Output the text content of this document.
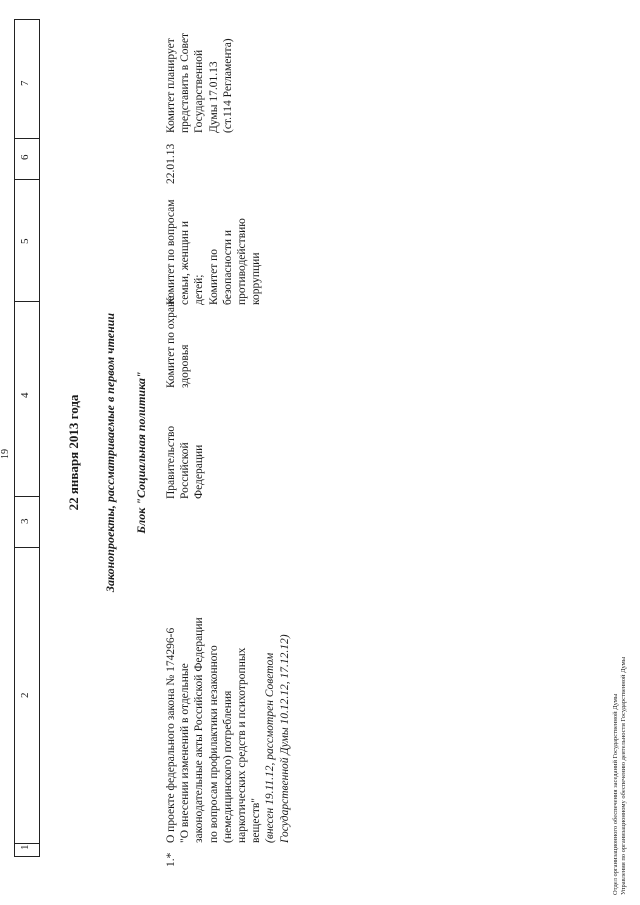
19
1
2
3
4
5
6
7
22 января 2013 года Законопроекты, рассматриваемые в первом чтении Блок "Социальная политика"
1.*
О проекте федерального закона № 174296-6 "О внесении изменений в отдельные законодательные акты Российской Федерации по вопросам профилактики незаконного (немедицинского) потребления наркотических средств и психотропных веществ" (внесен 19.11.12, рассмотрен Советом Государственной Думы 10.12.12, 17.12.12)
Правительство Российской Федерации
Комитет по охране здоровья
Комитет по вопросам семьи, женщин и детей; Комитет по безопасности и противодействию коррупции
22.01.13
Комитет планирует представить в Совет Государственной Думы 17.01.13 (ст.114 Регламента)
Отдел организационного обеспечения заседаний Государственной Думы Управления по организационному обеспечению деятельности Государственной Думы
